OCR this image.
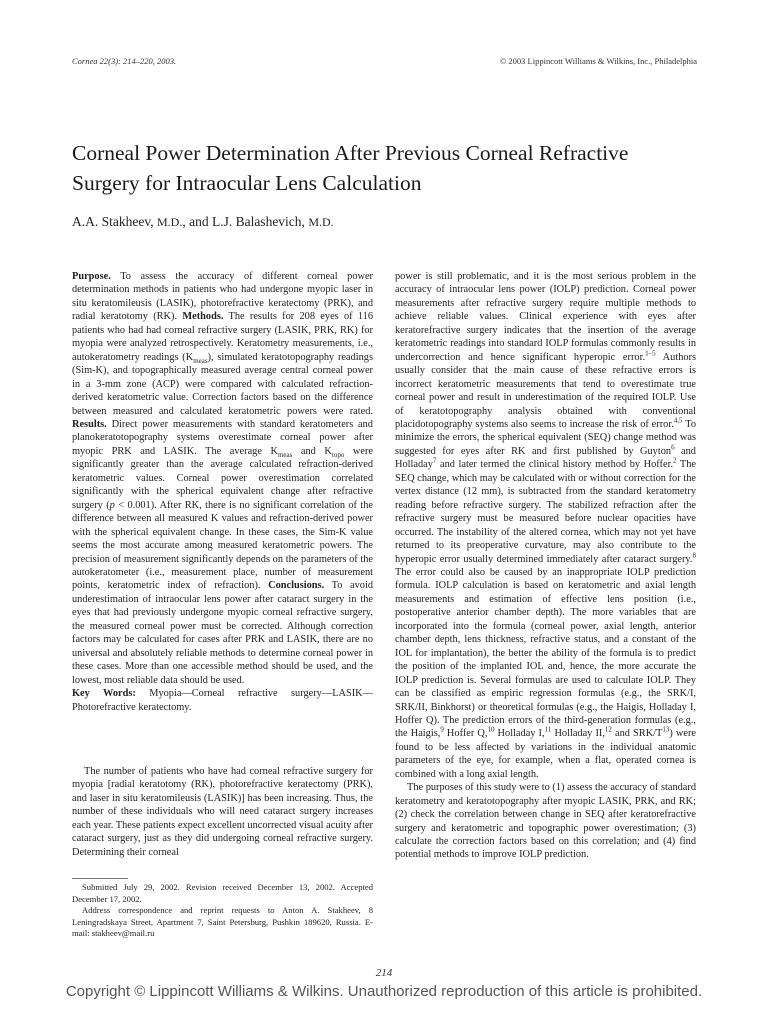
Cornea 22(3): 214–220, 2003.	© 2003 Lippincott Williams & Wilkins, Inc., Philadelphia
Corneal Power Determination After Previous Corneal Refractive Surgery for Intraocular Lens Calculation
A.A. Stakheev, M.D., and L.J. Balashevich, M.D.

Purpose. To assess the accuracy of different corneal power determination methods in patients who had undergone myopic laser in situ keratomileusis (LASIK), photorefractive keratectomy (PRK), and radial keratotomy (RK). Methods. The results for 208 eyes of 116 patients who had had corneal refractive surgery (LASIK, PRK, RK) for myopia were analyzed retrospectively. Keratometry measurements, i.e., autokeratometry readings $(K_{meas})$, simulated keratotopography readings (Sim-K), and topographically measured average central corneal power in a 3-mm zone (ACP) were compared with calculated refraction-derived keratometric value. Correction factors based on the difference between measured and calculated keratometric powers were rated. Results. Direct power measurements with standard keratometers and planokeratotopography systems overestimate corneal power after myopic PRK and LASIK. The average $K_{meas}$ and $K_{topo}$ were significantly greater than the average calculated refraction-derived keratometric values. Corneal power overestimation correlated significantly with the spherical equivalent change after refractive surgery (p < 0.001). After RK, there is no significant correlation of the difference between all measured K values and refraction-derived power with the spherical equivalent change. In these cases, the Sim-K value seems the most accurate among measured keratometric powers. The precision of measurement significantly depends on the parameters of the autokeratometer (i.e., measurement place, number of measurement points, keratometric index of refraction). Conclusions. To avoid underestimation of intraocular lens power after cataract surgery in the eyes that had previously undergone myopic corneal refractive surgery, the measured corneal power must be corrected. Although correction factors may be calculated for cases after PRK and LASIK, there are no universal and absolutely reliable methods to determine corneal power in these cases. More than one accessible method should be used, and the lowest, most reliable data should be used.

Key Words: Myopia—Corneal refractive surgery—LASIK—Photorefractive keratectomy.

The number of patients who have had corneal refractive surgery for myopia [radial keratotomy (RK), photorefractive keratectomy (PRK), and laser in situ keratomileusis (LASIK)] has been increasing. Thus, the number of these individuals who will need cataract surgery increases each year. These patients expect excellent uncorrected visual acuity after cataract surgery, just as they did undergoing corneal refractive surgery. Determining their corneal

Submitted July 29, 2002. Revision received December 13, 2002. Accepted December 17, 2002.

Address correspondence and reprint requests to Anton A. Stakheev, 8 Leningradskaya Street, Apartment 7, Saint Petersburg, Pushkin 189620, Russia. E-mail: stakheev@mail.ru

power is still problematic, and it is the most serious problem in the accuracy of intraocular lens power (IOLP) prediction. Corneal power measurements after refractive surgery require multiple methods to achieve reliable values. Clinical experience with eyes after keratorefractive surgery indicates that the insertion of the average keratometric readings into standard IOLP formulas commonly results in undercorrection and hence significant hyperopic error.$^{1-5}$ Authors usually consider that the main cause of these refractive errors is incorrect keratometric measurements that tend to overestimate true corneal power and result in underestimation of the required IOLP. Use of keratotopography analysis obtained with conventional placidotopography systems also seems to increase the risk of error.$^{4,5}$ To minimize the errors, the spherical equivalent (SEQ) change method was suggested for eyes after RK and first published by Guyton$^6$ and Holladay$^7$ and later termed the clinical history method by Hoffer.$^2$ The SEQ change, which may be calculated with or without correction for the vertex distance (12 mm), is subtracted from the standard keratometry reading before refractive surgery. The stabilized refraction after the refractive surgery must be measured before nuclear opacities have occurred. The instability of the altered cornea, which may not yet have returned to its preoperative curvature, may also contribute to the hyperopic error usually determined immediately after cataract surgery.$^8$ The error could also be caused by an inappropriate IOLP prediction formula. IOLP calculation is based on keratometric and axial length measurements and estimation of effective lens position (i.e., postoperative anterior chamber depth). The more variables that are incorporated into the formula (corneal power, axial length, anterior chamber depth, lens thickness, refractive status, and a constant of the IOL for implantation), the better the ability of the formula is to predict the position of the implanted IOL and, hence, the more accurate the IOLP prediction is. Several formulas are used to calculate IOLP. They can be classified as empiric regression formulas (e.g., the SRK/I, SRK/II, Binkhorst) or theoretical formulas (e.g., the Haigis, Holladay I, Hoffer Q). The prediction errors of the third-generation formulas (e.g., the Haigis,$^9$ Hoffer Q,$^{10}$ Holladay I,$^{11}$ Holladay II,$^{12}$ and SRK/$T^{13}$) were found to be less affected by variations in the individual anatomic parameters of the eye, for example, when a flat, operated cornea is combined with a long axial length.

The purposes of this study were to (1) assess the accuracy of standard keratometry and keratotopography after myopic LASIK, PRK, and RK; (2) check the correlation between change in SEQ after keratorefractive surgery and keratometric and topographic power overestimation; (3) calculate the correction factors based on this correlation; and (4) find potential methods to improve IOLP prediction.

214
Copyright © Lippincott Williams & Wilkins. Unauthorized reproduction of this article is prohibited.
